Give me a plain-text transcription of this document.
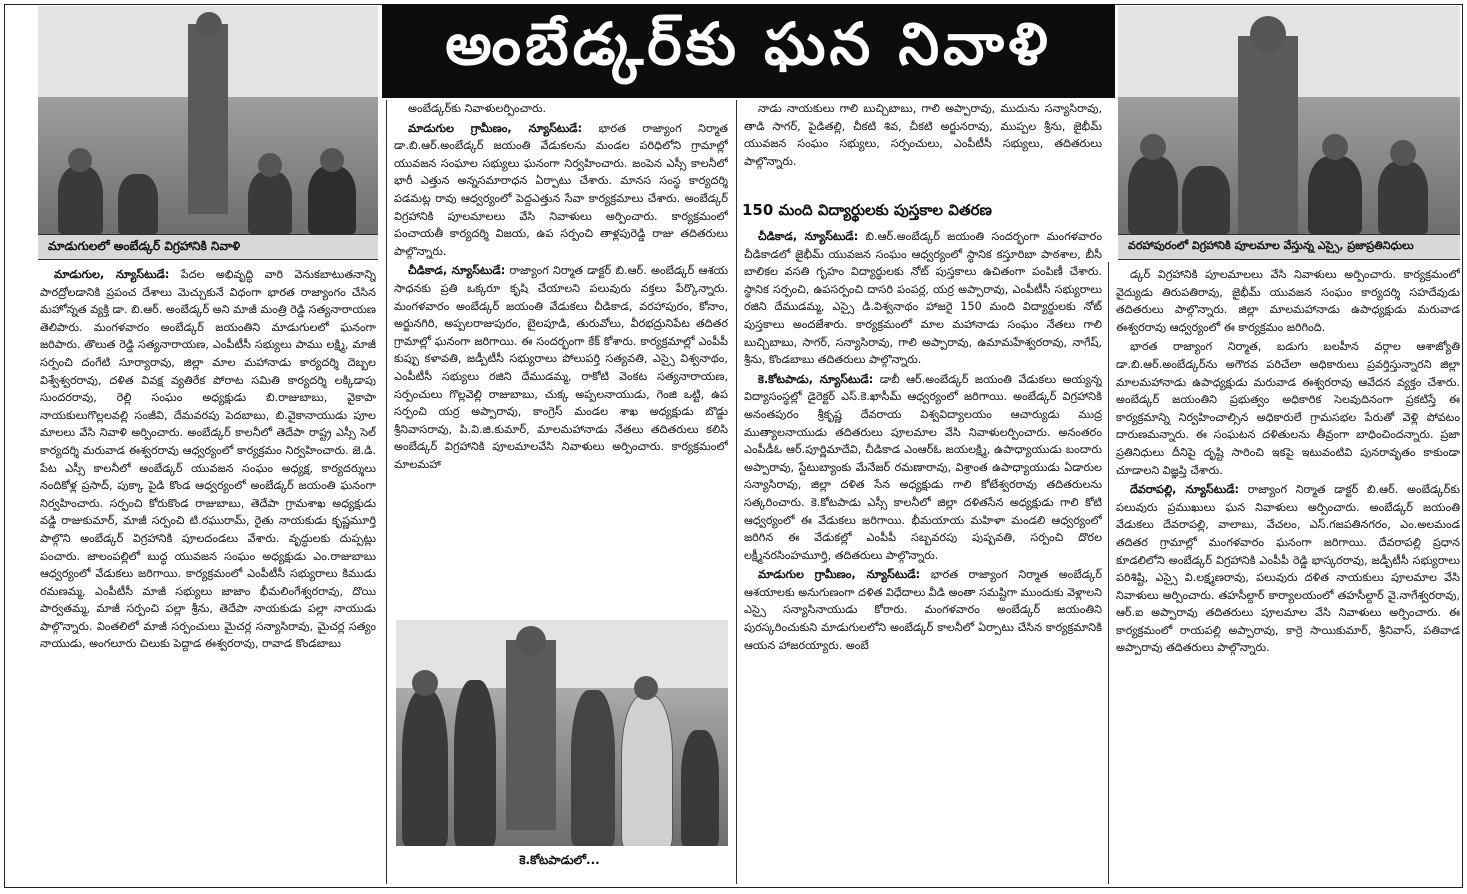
మాడుగులలో అంబేడ్కర్ విగ్రహానికి నివాళి
అంబేడ్కర్‌కు ఘన నివాళి
వరహాపురంలో విగ్రహానికి పూలమాల వేస్తున్న ఎస్సై, ప్రజాప్రతినిధులు

మాడుగుల, న్యూస్‌టుడే: పేదల అభివృద్ధి వారి వెనుకబాటుతనాన్ని పారద్రోలడానికి ప్రపంచ దేశాలు మెచ్చుకునే విధంగా భారత రాజ్యాంగం చేసిన మహోన్నత వ్యక్తి డా. బి.ఆర్. అంబేడ్కర్ అని మాజీ మంత్రి రెడ్డి సత్యనారాయణ తెలిపారు. మంగళవారం అంబేడ్కర్ జయంతిని మాడుగులలో ఘనంగా జరిపారు. తొలుత రెడ్డి సత్యనారాయణ, ఎంపీటీసీ సభ్యులు పాము లక్ష్మి, మాజీ సర్పంచి దంగేటి సూర్యారావు, జిల్లా మాల మహానాడు కార్యదర్శి దెబ్బల విశ్వేశ్వరరావు, దళిత వివక్ష వ్యతిరేక పోరాట సమితి కార్యదర్శి లక్కిడాపు సుందరరావు, రెల్లి సంఘం అధ్యక్షుడు బి.రాజుబాబు, వైకాపా నాయకులుగొల్లలవల్లి సంజీవి, దేమవరపు పెదబాబు, బి.వైకానాయుడు పూల మాలలు వేసి నివాళి అర్పించారు. అంబేడ్కర్ కాలనీలో తెదేపా రాష్ట్ర ఎస్సీ సెల్ కార్యదర్శి మరువాడ ఈశ్వరరావు ఆధ్వర్యంలో కార్యక్రమం నిర్వహించారు. జె.డి. పేట ఎస్సీ కాలనీలో అంబేడ్కర్ యువజన సంఘం అధ్యక్ష, కార్యదర్శులు నందికోళ్ల ప్రసాద్, పుక్కా పైడి కొండ ఆధ్వర్యంలో అంబేడ్కర్ జయంతి ఘనంగా నిర్వహించారు. సర్పంచి కోరుకొండ రాజుబాబు, తెదేపా గ్రామశాఖ అధ్యక్షుడు వడ్డి రాజుకుమార్, మాజీ సర్పంచి టి.రఘురామ్, రైతు నాయకుడు కృష్ణమూర్తి పాల్గొని అంబేడ్కర్ విగ్రహానికి పూలదండలు వేశారు. వృద్ధులకు దుప్పట్లు పంచారు. జాలంపల్లిలో బుద్ధ యువజన సంఘం అధ్యక్షుడు ఎం.రాజుబాబు ఆధ్వర్యంలో వేడుకలు జరిగాయి. కార్యక్రమంలో ఎంపీటీసీ సభ్యురాలు కిముడు రమణమ్మ, ఎంపీటీసీ మాజీ సభ్యులు జాజాం భీమలింగేశ్వరరావు, దొయి పార్వతమ్మ, మాజీ సర్పంచి పల్లా శ్రీను, తెదేపా నాయకుడు పల్లా నాయుడు పాల్గొన్నారు. వింతలిలో మాజీ సర్పంచులు మైచర్ల సన్యాసిరావు, మైచర్ల సత్యం నాయుడు, అంగలూరు చిలుకు పెద్దాడ ఈశ్వరరావు, రావాడ కొండబాబు

అంబేడ్కర్‌కు నివాళులర్పించారు.

మాడుగుల గ్రామీణం, న్యూస్‌టుడే: భారత రాజ్యాంగ నిర్మాత డా.బి.ఆర్.అంబేడ్కర్ జయంతి వేడుకలను మండల పరిధిలోని గ్రామాల్లో యువజన సంఘాల సభ్యులు ఘనంగా నిర్వహించారు. జంపెన ఎస్సీ కాలనీలో భారీ ఎత్తున అన్నసమారాధన ఏర్పాటు చేశారు. మానస సంస్థ కార్యదర్శి పడమట్ల రావు ఆధ్వర్యంలో పెద్దఎత్తున సేవా కార్యక్రమాలు చేశారు. అంబేడ్కర్ విగ్రహానికి పూలమాలలు వేసి నివాళులు అర్పించారు. కార్యక్రమంలో పంచాయతీ కార్యదర్శి విజయ, ఉప సర్పంచి తాళ్లపురెడ్డి రాజు తదితరులు పాల్గొన్నారు.

చీడికాడ, న్యూస్‌టుడే: రాజ్యాంగ నిర్మాత డాక్టర్ బి.ఆర్. అంబేడ్కర్ ఆశయ సాధనకు ప్రతి ఒక్కరూ కృషి చేయాలని పలువురు వక్తలు పేర్కొన్నారు. మంగళవారం అంబేడ్కర్ జయంతి వేడుకలు చీడికాడ, వరహాపురం, కోనాం, అర్జునగిరి, అప్పలరాజుపురం, బైలపూడి, తురువోలు, వీరభద్రునిపేట తదితర గ్రామాల్లో ఘనంగా జరిగాయి. ఈ సందర్భంగా కేక్ కోశారు. కార్యక్రమాల్లో ఎంపీపీ కుప్పు కళావతి, జడ్పీటీసీ సభ్యురాలు పోలుపర్తి సత్యవతి, ఎస్సై విశ్వనాథం, ఎంపీటీసీ సభ్యులు రజిని దేముడమ్మ, రాకోటి వెంకట సత్యనారాయణ, సర్పంచులు గొల్లవెల్లి రాజుబాబు, చుక్క అప్పలనాయుడు, గెంజి ఒట్టి, ఉప సర్పంచి యర్ర అప్పారావు, కాంగ్రెస్ మండల శాఖ అధ్యక్షుడు బొడ్డు శ్రీనివాసరావు, పి.వి.జి.కుమార్, మాలమహానాడు నేతలు తదితరులు కలిసి అంబేడ్కర్ విగ్రహానికి పూలమాలవేసి నివాళులు అర్పించారు. కార్యక్రమంలో మాలమహా

కె.కోటపాడులో...

నాడు నాయకులు గాలి బుచ్చిబాబు, గాలి అప్పారావు, ముదును సన్యాసిరావు, తాడి సాగర్, పైడితల్లి, చీకటి శివ, చీకటి అర్జునరావు, ముప్పల శ్రీను, జైభీమ్ యువజన సంఘం సభ్యులు, సర్పంచులు, ఎంపీటీసీ సభ్యులు, తదితరులు పాల్గొన్నారు.

150 మంది విద్యార్థులకు పుస్తకాల వితరణ

చీడికాడ, న్యూస్‌టుడే: బి.ఆర్.అంబేడ్కర్ జయంతి సందర్భంగా మంగళవారం చీడికాడలో జైభీమ్ యువజన సంఘం ఆధ్వర్యంలో స్థానిక కస్తూరిబా పాఠశాల, బీసీ బాలికల వసతి గృహం విద్యార్థులకు నోట్ పుస్తకాలు ఉచితంగా పంపిణీ చేశారు. స్థానిక సర్పంచి, ఉపసర్పంచి దాసరి పంపర్ల, యర్ర అప్పారావు, ఎంపీటీసీ సభ్యురాలు రజిని దేముడమ్మ, ఎస్సై డి.విశ్వనాథం హాజరై 150 మంది విద్యార్థులకు నోట్ పుస్తకాలు అందజేశారు. కార్యక్రమంలో మాల మహానాడు సంఘం నేతలు గాలి బుచ్చిబాబు, సాగర్, సన్యాసిరావు, గాలి అప్పారావు, ఉమామహేశ్వరరావు, నాగేష్, శ్రీను, కొండబాబు తదితరులు పాల్గొన్నారు.

కె.కోటపాడు, న్యూస్‌టుడే: డాబీ ఆర్.అంబేడ్కర్ జయంతి వేడుకలు అయ్యన్న విద్యాసంస్థల్లో డైరెక్టర్ ఎస్.కె.ఖాసీమ్ ఆధ్వర్యంలో జరిగాయి. అంబేడ్కర్ విగ్రహానికి అనంతపురం శ్రీకృష్ణ దేవరాయ విశ్వవిద్యాలయం ఆచార్యుడు ముద్ర ముత్యాలనాయుడు తదితరులు పూలమాల వేసి నివాళులర్పించారు. అనంతరం ఎంపీడీఓ ఆర్.పూర్ణిమాదేవి, చీడికాడ ఎంఆర్ఓ జయలక్ష్మి, ఉపాధ్యాయుడు బందారు అప్పారావు, స్టేటుబ్యాంకు మేనేజర్ రమణారావు, విశ్రాంత ఉపాధ్యాయుడు ఏడారుల సన్యాసిరావు, జిల్లా దళిత సేన అధ్యక్షుడు గాలి కోటేశ్వరరావు తదితరులను సత్కరించారు. కె.కోటపాడు ఎస్సీ కాలనీలో జిల్లా దళితసేన అధ్యక్షుడు గాలి కోటి ఆధ్వర్యంలో ఈ వేడుకలు జరిగాయి. భీమయాయ మహిళా మండలి ఆధ్వర్యంలో జరిగిన ఈ వేడుకల్లో ఎంపీపీ సబ్బవరపు పుష్పవతి, సర్పంచి దొరల లక్ష్మీనరసింహమూర్తి, తదితరులు పాల్గొన్నారు.

మాడుగుల గ్రామీణం, న్యూస్‌టుడే: భారత రాజ్యాంగ నిర్మాత అంబేడ్కర్ ఆశయాలకు అనుగుణంగా దళిత విధేదాలు వీడి అంతా సమష్టిగా ముందుకు వెళ్లాలని ఎస్సై సన్యాసినాయుడు కోరారు. మంగళవారం అంబేడ్కర్ జయంతిని పురస్కరించుకుని మాడుగులలోని అంబేడ్కర్ కాలనీలో ఏర్పాటు చేసిన కార్యక్రమానికి ఆయన హాజరయ్యారు. అంబే

డ్కర్ విగ్రహానికి పూలమాలలు వేసి నివాళులు అర్పించారు. కార్యక్రమంలో వైద్యుడు తిరుపతిరావు, జైభీమ్ యువజన సంఘం కార్యదర్శి సహదేవుడు తదితరులు పాల్గొన్నారు. జిల్లా మాలమహానాడు ఉపాధ్యక్షుడు మరువాడ ఈశ్వరరావు ఆధ్వర్యంలో ఈ కార్యక్రమం జరిగింది.

భారత రాజ్యాంగ నిర్మాత, బడుగు బలహీన వర్గాల ఆశాజ్యోతి డా.బి.ఆర్.అంబేడ్కర్‌ను అగౌరవ పరిచేలా అధికారులు ప్రవర్తిస్తున్నారని జిల్లా మాలమహానాడు ఉపాధ్యక్షుడు మరువాడ ఈశ్వరరావు ఆవేదన వ్యక్తం చేశారు. అంబేడ్కర్ జయంతిని ప్రభుత్వం అధికారిక సెలవుదినంగా ప్రకటిస్తే ఈ కార్యక్రమాన్ని నిర్వహించాల్సిన అధికారులే గ్రామసభల పేరుతో వెళ్లి పోవటం దారుణమన్నారు. ఈ సంఘటన దళితులను తీవ్రంగా బాధించిందన్నారు. ప్రజా ప్రతినిధులు దీనిపై దృష్టి సారించి ఇకపై ఇటువంటివి పునరావృతం కాకుండా చూడాలని విజ్ఞప్తి చేశారు.

దేవరాపల్లి, న్యూస్‌టుడే: రాజ్యాంగ నిర్మాత డాక్టర్ బి.ఆర్. అంబేడ్కర్‌కు పలువురు ప్రముఖులు ఘన నివాళులు అర్పించారు. అంబేడ్కర్ జయంతి వేడుకలు దేవరాపల్లి, వాలాబు, వేచలం, ఎస్.గజపతినగరం, ఎం.అలమండ తదితర గ్రామాల్లో మంగళవారం ఘనంగా జరిగాయి. దేవరాపల్లి ప్రధాన కూడలిలోని అంబేడ్కర్ విగ్రహానికి ఎంపీపీ రెడ్డి భాస్కరరావు, జడ్పీటీసీ సభ్యురాలు పరిశిష్టి, ఎస్సై వి.లక్ష్మణరావు, పలువురు దళిత నాయకులు పూలమాల వేసి నివాళులు అర్పించారు. తహసీల్దార్ కార్యాలయంలో తహసీల్దార్ వై.నాగేశ్వరరావు, ఆర్.ఐ అప్పారావు తదితరులు పూలమాల వేసి నివాళులు అర్పించారు. ఈ కార్యక్రమంలో రాయపల్లి అప్పారావు, కార్రె సాయికుమార్, శ్రీనివాస్, పతివాడ అప్పారావు తదితరులు పాల్గొన్నారు.
